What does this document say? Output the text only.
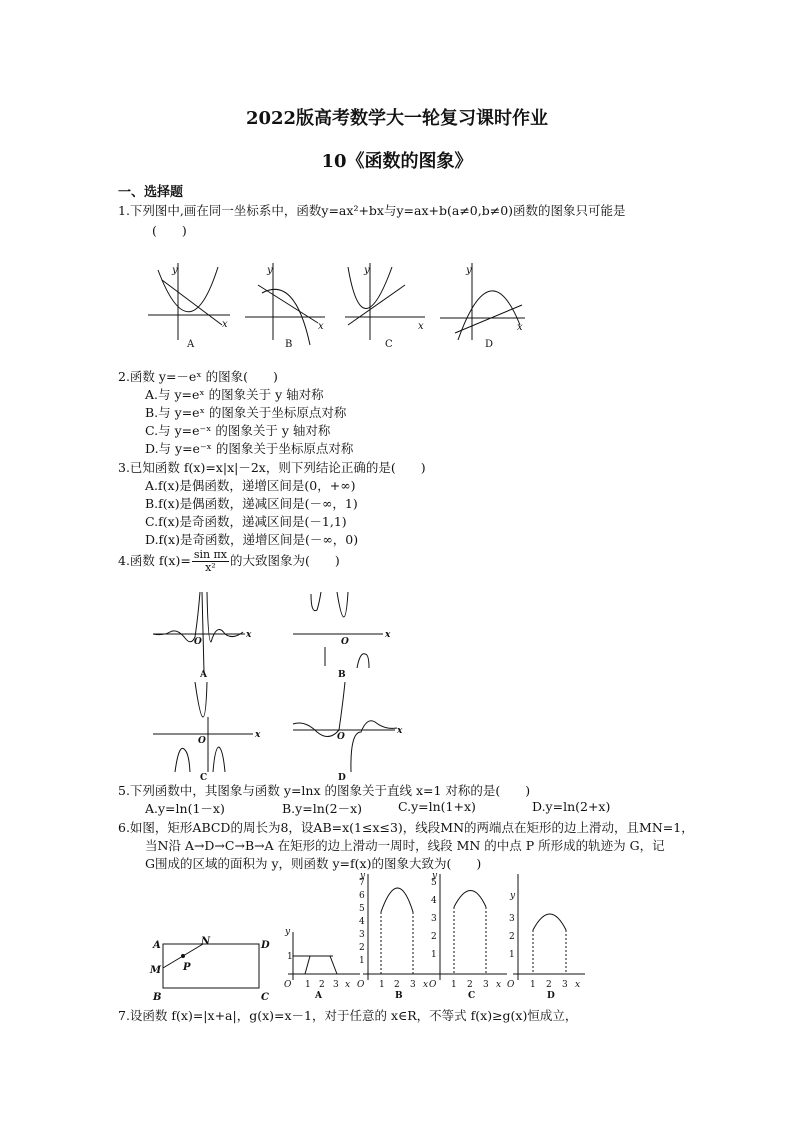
2022版高考数学大一轮复习课时作业
10《函数的图象》
一、选择题
1.下列图中,画在同一坐标系中，函数y=ax²+bx与y=ax+b(a≠0,b≠0)函数的图象只可能是
(　　)
y
x
y
x
y
x
y
x
A	B	C	D
2.函数 y=－eˣ 的图象(　　)
A.与 y=eˣ 的图象关于 y 轴对称
B.与 y=eˣ 的图象关于坐标原点对称
C.与 y=e⁻ˣ 的图象关于 y 轴对称
D.与 y=e⁻ˣ 的图象关于坐标原点对称
3.已知函数 f(x)=x|x|－2x，则下列结论正确的是(　　)
A.f(x)是偶函数，递增区间是(0，+∞)
B.f(x)是偶函数，递减区间是(－∞，1)
C.f(x)是奇函数，递减区间是(－1,1)
D.f(x)是奇函数，递增区间是(－∞，0)
4.函数 $f(x)= \frac{\text{sin πx}}{\text{x²}}$ 的大致图象为(　　)
O
x
O
x
O
x	O
x
A	B
C	D
5.下列函数中，其图象与函数 y=lnx 的图象关于直线 x=1 对称的是(　　)
A.y=ln(1－x)	B.y=ln(2－x)	C.y=ln(1+x)	D.y=ln(2+x)
6.如图，矩形ABCD的周长为8，设AB=x(1≤x≤3)，线段MN的两端点在矩形的边上滑动，且MN=1，
当N沿 A→D→C→B→A 在矩形的边上滑动一周时，线段 MN 的中点 P 所形成的轨迹为 G，记
G围成的区域的面积为 y，则函数 y=f(x)的图象大致为(　　)
A	D
C
B
M
N
P
y
1
O 1 2 3 x
A
y
1
2
3
4
5
6
7
O 1 2 3 x
B
y
1
2
3
4
5
O 1 2 3 x
C
y
1
2
3
O 1 2 3 x
D
7.设函数 f(x)=|x+a|，g(x)=x－1，对于任意的 x∈R，不等式 f(x)≥g(x)恒成立，
